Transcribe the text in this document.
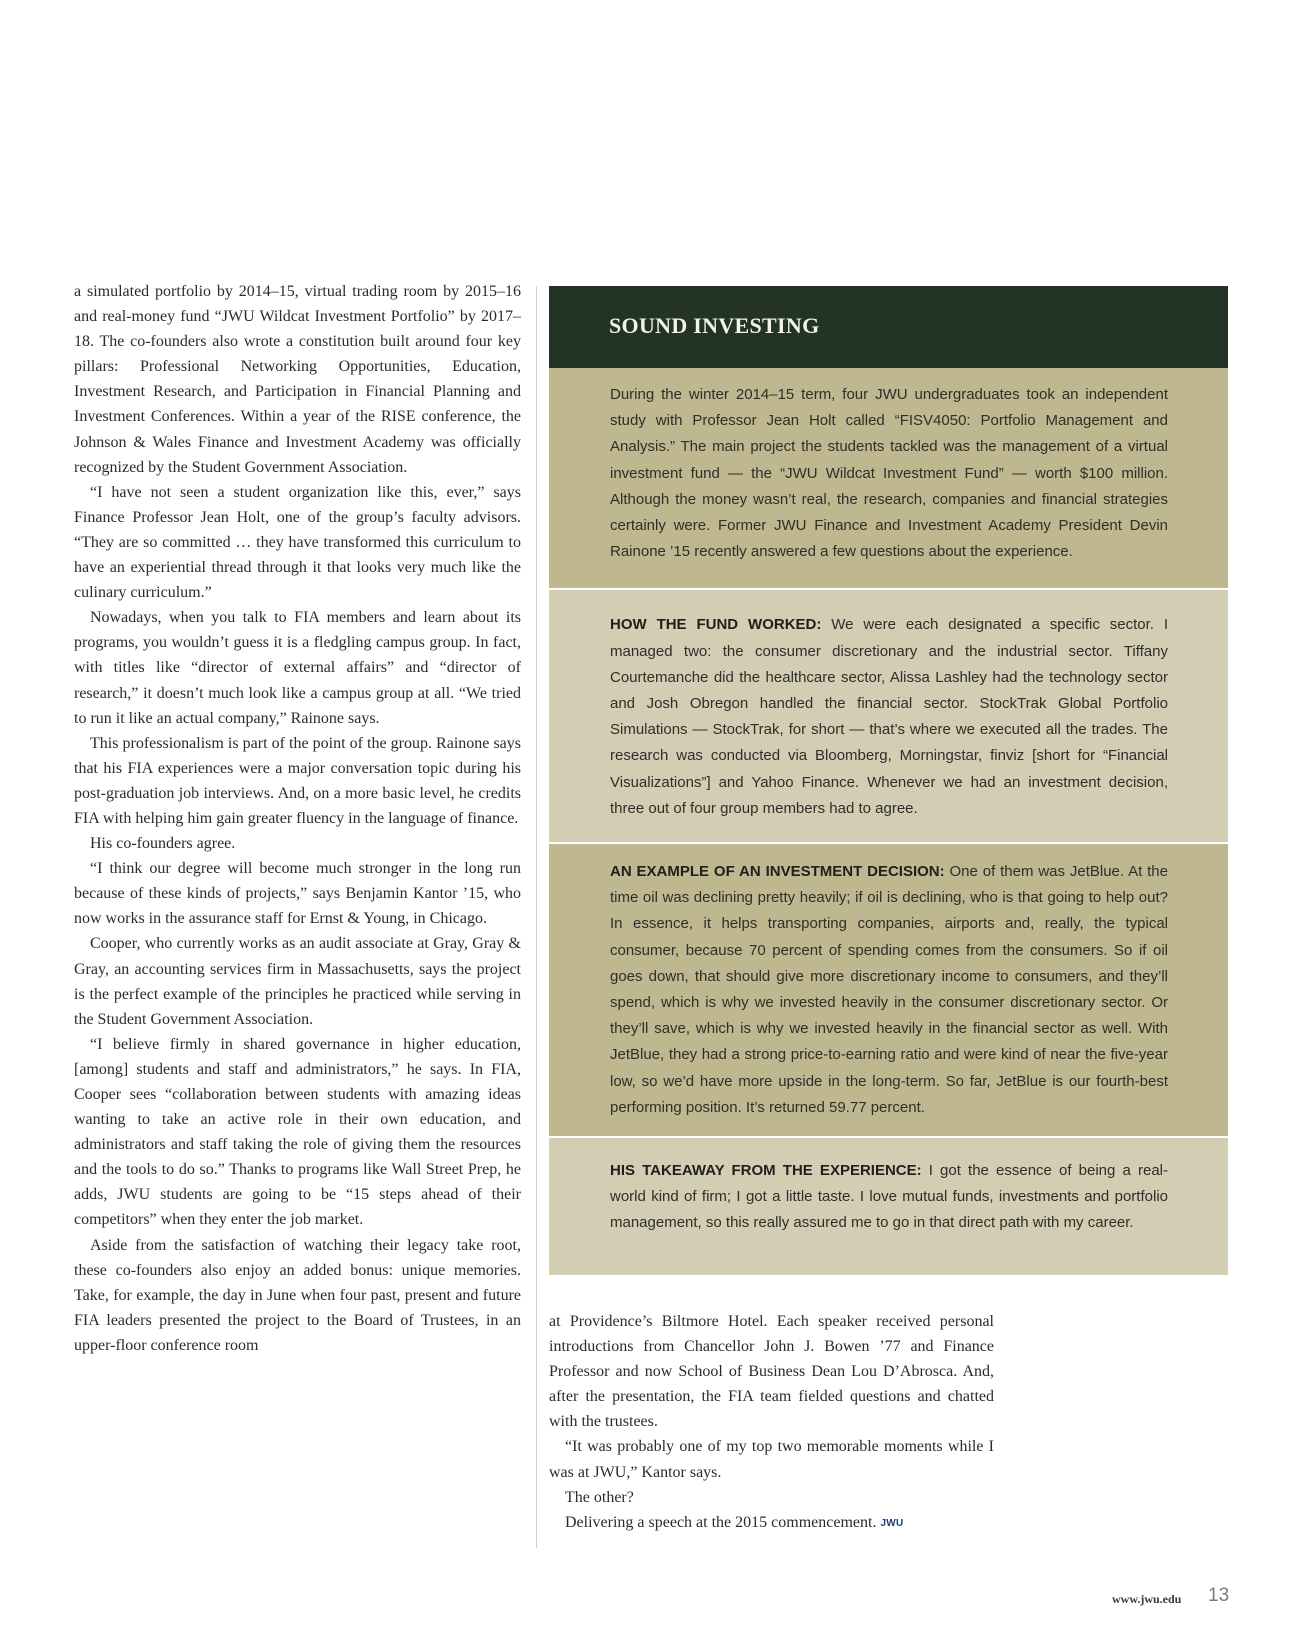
a simulated portfolio by 2014–15, virtual trading room by 2015–16 and real-money fund “JWU Wildcat Investment Portfolio” by 2017–18. The co-founders also wrote a constitution built around four key pillars: Professional Networking Opportunities, Education, Investment Research, and Participation in Financial Planning and Investment Conferences. Within a year of the RISE conference, the Johnson & Wales Finance and Investment Academy was officially recognized by the Student Government Association.

“I have not seen a student organization like this, ever,” says Finance Professor Jean Holt, one of the group’s faculty advisors. “They are so committed … they have transformed this curriculum to have an experiential thread through it that looks very much like the culinary curriculum.”

Nowadays, when you talk to FIA members and learn about its programs, you wouldn’t guess it is a fledgling campus group. In fact, with titles like “director of external affairs” and “director of research,” it doesn’t much look like a campus group at all. “We tried to run it like an actual company,” Rainone says.

This professionalism is part of the point of the group. Rainone says that his FIA experiences were a major conversation topic during his post-graduation job interviews. And, on a more basic level, he credits FIA with helping him gain greater fluency in the language of finance.

His co-founders agree.

“I think our degree will become much stronger in the long run because of these kinds of projects,” says Benjamin Kantor ’15, who now works in the assurance staff for Ernst & Young, in Chicago.

Cooper, who currently works as an audit associate at Gray, Gray & Gray, an accounting services firm in Massachusetts, says the project is the perfect example of the principles he practiced while serving in the Student Government Association.

“I believe firmly in shared governance in higher education, [among] students and staff and administrators,” he says. In FIA, Cooper sees “collaboration between students with amazing ideas wanting to take an active role in their own education, and administrators and staff taking the role of giving them the resources and the tools to do so.” Thanks to programs like Wall Street Prep, he adds, JWU students are going to be “15 steps ahead of their competitors” when they enter the job market.

Aside from the satisfaction of watching their legacy take root, these co-founders also enjoy an added bonus: unique memories. Take, for example, the day in June when four past, present and future FIA leaders presented the project to the Board of Trustees, in an upper-floor conference room

SOUND INVESTING

During the winter 2014–15 term, four JWU undergraduates took an independent study with Professor Jean Holt called “FISV4050: Portfolio Management and Analysis.” The main project the students tackled was the management of a virtual investment fund — the “JWU Wildcat Investment Fund” — worth $100 million. Although the money wasn’t real, the research, companies and financial strategies certainly were. Former JWU Finance and Investment Academy President Devin Rainone ’15 recently answered a few questions about the experience.

HOW THE FUND WORKED: We were each designated a specific sector. I managed two: the consumer discretionary and the industrial sector. Tiffany Courtemanche did the healthcare sector, Alissa Lashley had the technology sector and Josh Obregon handled the financial sector. StockTrak Global Portfolio Simulations — StockTrak, for short — that’s where we executed all the trades. The research was conducted via Bloomberg, Morningstar, finviz [short for “Financial Visualizations”] and Yahoo Finance. Whenever we had an investment decision, three out of four group members had to agree.

AN EXAMPLE OF AN INVESTMENT DECISION: One of them was JetBlue. At the time oil was declining pretty heavily; if oil is declining, who is that going to help out? In essence, it helps transporting companies, airports and, really, the typical consumer, because 70 percent of spending comes from the consumers. So if oil goes down, that should give more discretionary income to consumers, and they’ll spend, which is why we invested heavily in the consumer discretionary sector. Or they’ll save, which is why we invested heavily in the financial sector as well. With JetBlue, they had a strong price-to-earning ratio and were kind of near the five-year low, so we’d have more upside in the long-term. So far, JetBlue is our fourth-best performing position. It’s returned 59.77 percent.

HIS TAKEAWAY FROM THE EXPERIENCE: I got the essence of being a real-world kind of firm; I got a little taste. I love mutual funds, investments and portfolio management, so this really assured me to go in that direct path with my career.

at Providence’s Biltmore Hotel. Each speaker received personal introductions from Chancellor John J. Bowen ’77 and Finance Professor and now School of Business Dean Lou D’Abrosca. And, after the presentation, the FIA team fielded questions and chatted with the trustees.

“It was probably one of my top two memorable moments while I was at JWU,” Kantor says.

The other?

Delivering a speech at the 2015 commencement. JWU

www.jwu.edu 13
